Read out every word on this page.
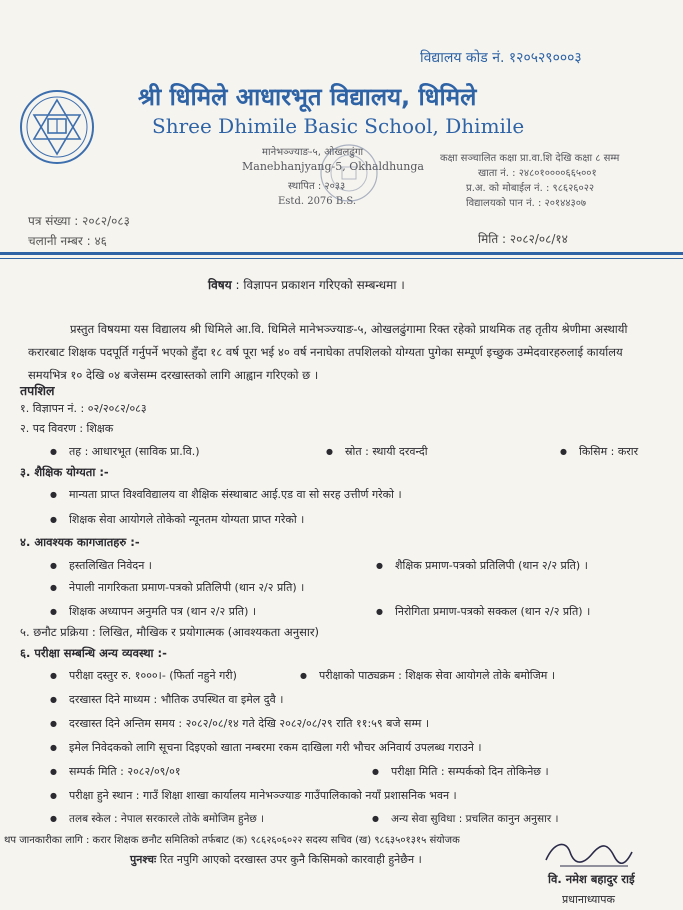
विद्यालय कोड नं. १२०५२९०००३
श्री धिमिले आधारभूत विद्यालय, धिमिले
Shree Dhimile Basic School, Dhimile
मानेभञ्ज्याङ-५, ओखलढुंगा
Manebhanjyang-5, Okhaldhunga
स्थापित : २०३३
Estd. 2076 B.S.
कक्षा सञ्चालित कक्षा प्रा.वा.शि देखि कक्षा ८ सम्म
खाता नं. : २४८०१००००६६५००१
प्र.अ. को मोबाईल नं. : ९८६२६०२२
विद्यालयको पान नं. : २०१४४३०७
पत्र संख्या : २०८२/०८३
चलानी नम्बर : ४६	मिति : २०८२/०८/१४
विषय : विज्ञापन प्रकाशन गरिएको सम्बन्धमा ।
प्रस्तुत विषयमा यस विद्यालय श्री धिमिले आ.वि. धिमिले मानेभञ्ज्याङ-५, ओखलढुंगामा रिक्त रहेको प्राथमिक तह तृतीय श्रेणीमा अस्थायी करारबाट शिक्षक पदपूर्ति गर्नुपर्ने भएको हुँदा १८ वर्ष पूरा भई ४० वर्ष ननाघेका तपशिलको योग्यता पुगेका सम्पूर्ण इच्छुक उम्मेदवारहरुलाई कार्यालय समयभित्र १० देखि ०४ बजेसम्म दरखास्तको लागि आह्वान गरिएको छ ।
तपशिल
१. विज्ञापन नं. : ०२/२०८२/०८३
२. पद विवरण : शिक्षक
● तह : आधारभूत (साविक प्रा.वि.)	● स्रोत : स्थायी दरवन्दी	● किसिम : करार
३. शैक्षिक योग्यता :-
● मान्यता प्राप्त विश्वविद्यालय वा शैक्षिक संस्थाबाट आई.एड वा सो सरह उत्तीर्ण गरेको ।
● शिक्षक सेवा आयोगले तोकेको न्यूनतम योग्यता प्राप्त गरेको ।
४. आवश्यक कागजातहरु :-
● हस्तलिखित निवेदन ।	● शैक्षिक प्रमाण-पत्रको प्रतिलिपी (थान २/२ प्रति) ।
● नेपाली नागरिकता प्रमाण-पत्रको प्रतिलिपी (थान २/२ प्रति) ।
● शिक्षक अध्यापन अनुमति पत्र (थान २/२ प्रति) ।	● निरोगिता प्रमाण-पत्रको सक्कल (थान २/२ प्रति) ।
५. छनौट प्रक्रिया : लिखित, मौखिक र प्रयोगात्मक (आवश्यकता अनुसार)
६. परीक्षा सम्बन्धि अन्य व्यवस्था :-
● परीक्षा दस्तुर रु. १०००।- (फिर्ता नहुने गरी)	● परीक्षाको पाठ्यक्रम : शिक्षक सेवा आयोगले तोके बमोजिम ।
● दरखास्त दिने माध्यम : भौतिक उपस्थित वा इमेल दुवै ।
● दरखास्त दिने अन्तिम समय : २०८२/०८/१४ गते देखि २०८२/०८/२९ राति ११:५९ बजे सम्म ।
● इमेल निवेदकको लागि सूचना दिइएको खाता नम्बरमा रकम दाखिला गरी भौचर अनिवार्य उपलब्ध गराउने ।
● सम्पर्क मिति : २०८२/०९/०१	● परीक्षा मिति : सम्पर्कको दिन तोकिनेछ ।
● परीक्षा हुने स्थान : गाउँ शिक्षा शाखा कार्यालय मानेभञ्ज्याङ गाउँपालिकाको नयाँ प्रशासनिक भवन ।
● तलब स्केल : नेपाल सरकारले तोके बमोजिम हुनेछ ।	● अन्य सेवा सुविधा : प्रचलित कानुन अनुसार ।
थप जानकारीका लागि : करार शिक्षक छनौट समितिको तर्फबाट (क) ९८६२६०६०२२ सदस्य सचिव (ख) ९८६३५०१३१५ संयोजक
पुनश्चः रित नपुगि आएको दरखास्त उपर कुनै किसिमको कारवाही हुनेछैन ।
वि. नमेश बहादुर राई
प्रधानाध्यापक
